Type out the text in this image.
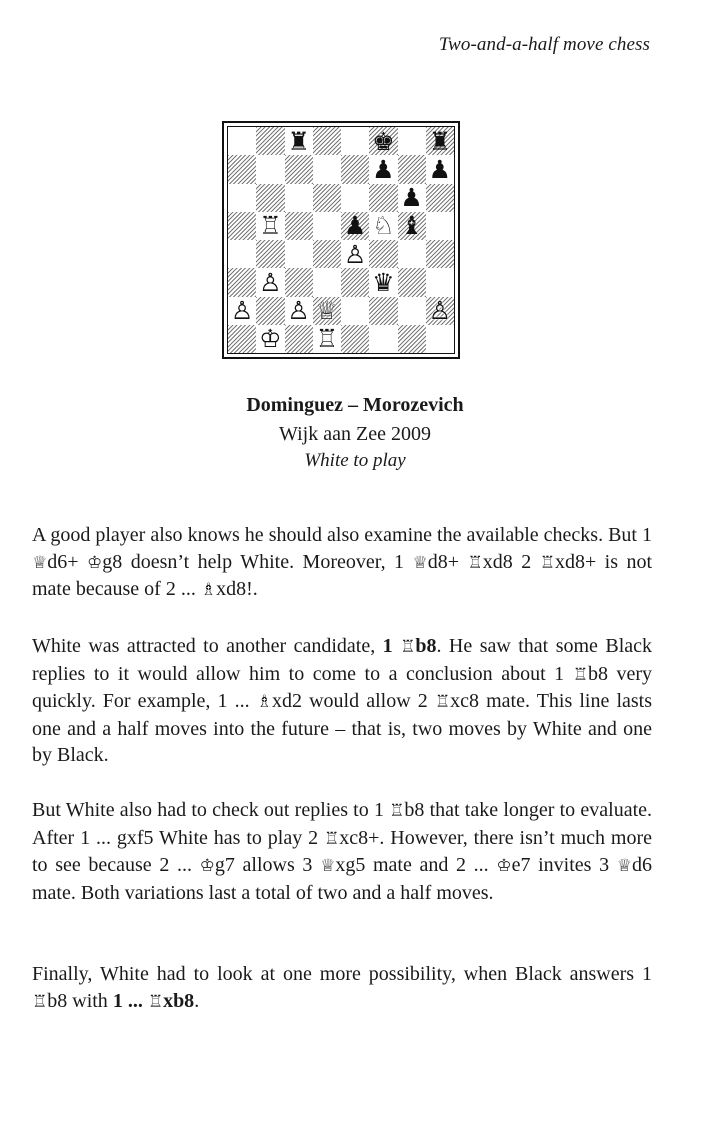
Two-and-a-half move chess
♜ ♚ ♜
♟ ♟
♟
♖ ♟ ♘ ♝
♙
♙	♛
♙ ♙ ♕	♙
♔ ♖
Dominguez – Morozevich
Wijk aan Zee 2009
White to play

A good player also knows he should also examine the available checks. But 1 ♕d6+ ♔g8 doesn’t help White. Moreover, 1 ♕d8+ ♖xd8 2 ♖xd8+ is not mate because of 2 ... ♗xd8!.

White was attracted to another candidate, 1 ♖b8. He saw that some Black replies to it would allow him to come to a conclusion about 1 ♖b8 very quickly. For example, 1 ... ♗xd2 would allow 2 ♖xc8 mate. This line lasts one and a half moves into the future – that is, two moves by White and one by Black.

But White also had to check out replies to 1 ♖b8 that take longer to evaluate. After 1 ... gxf5 White has to play 2 ♖xc8+. However, there isn’t much more to see because 2 ... ♔g7 allows 3 ♕xg5 mate and 2 ... ♔e7 invites 3 ♕d6 mate. Both variations last a total of two and a half moves.

Finally, White had to look at one more possibility, when Black answers 1 ♖b8 with 1 ... ♖xb8.
